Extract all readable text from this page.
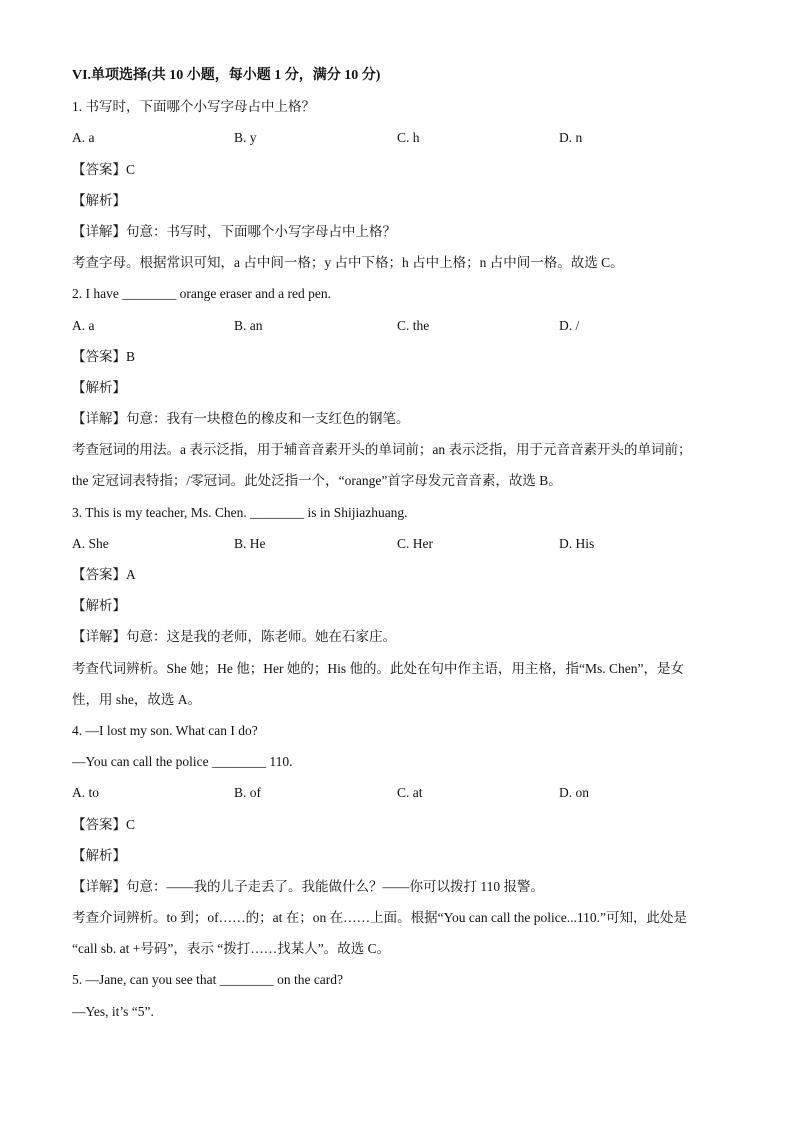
VI.单项选择(共 10 小题，每小题 1 分，满分 10 分)
1. 书写时，下面哪个小写字母占中上格？
A. a	B. y	C. h	D. n
【答案】C
【解析】
【详解】句意：书写时，下面哪个小写字母占中上格？
考查字母。根据常识可知，a 占中间一格；y 占中下格；h 占中上格；n 占中间一格。故选 C。
2. I have ________ orange eraser and a red pen.
A. a	B. an	C. the	D. /
【答案】B
【解析】
【详解】句意：我有一块橙色的橡皮和一支红色的钢笔。
考查冠词的用法。a 表示泛指，用于辅音音素开头的单词前；an 表示泛指，用于元音音素开头的单词前；
the 定冠词表特指；/零冠词。此处泛指一个，“orange”首字母发元音音素，故选 B。
3. This is my teacher, Ms. Chen. ________ is in Shijiazhuang.
A. She	B. He	C. Her	D. His
【答案】A
【解析】
【详解】句意：这是我的老师，陈老师。她在石家庄。
考查代词辨析。She 她；He 他；Her 她的；His 他的。此处在句中作主语，用主格，指“Ms. Chen”，是女
性，用 she，故选 A。
4. —I lost my son. What can I do?
—You can call the police ________ 110.
A. to	B. of	C. at	D. on
【答案】C
【解析】
【详解】句意：——我的儿子走丢了。我能做什么？——你可以拨打 110 报警。
考查介词辨析。to 到；of……的；at 在；on 在……上面。根据“You can call the police...110.”可知，此处是
“call sb. at +号码”，表示 “拨打……找某人”。故选 C。
5. —Jane, can you see that ________ on the card?
—Yes, it’s “5”.
